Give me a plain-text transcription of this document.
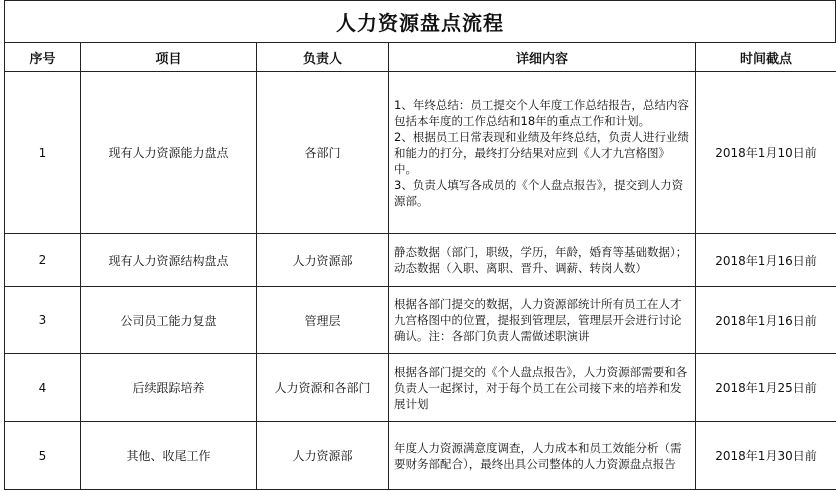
人力资源盘点流程
序号	项目	负责人	详细内容	时间截点
1	现有人力资源能力盘点	各部门	1、年终总结：员工提交个人年度工作总结报告，总结内容包括本年度的工作总结和18年的重点工作和计划。
2、根据员工日常表现和业绩及年终总结，负责人进行业绩和能力的打分，最终打分结果对应到《人才九宫格图》中。
3、负责人填写各成员的《个人盘点报告》，提交到人力资源部。	2018年1月10日前
2	现有人力资源结构盘点	人力资源部	静态数据（部门，职级，学历，年龄，婚育等基础数据）；动态数据（入职、离职、晋升、调薪、转岗人数）	2018年1月16日前
3	公司员工能力复盘	管理层	根据各部门提交的数据，人力资源部统计所有员工在人才九宫格图中的位置，提报到管理层，管理层开会进行讨论确认。注：各部门负责人需做述职演讲	2018年1月16日前
4	后续跟踪培养	人力资源和各部门	根据各部门提交的《个人盘点报告》，人力资源部需要和各负责人一起探讨，对于每个员工在公司接下来的培养和发展计划	2018年1月25日前
5	其他、收尾工作	人力资源部	年度人力资源满意度调查，人力成本和员工效能分析（需要财务部配合），最终出具公司整体的人力资源盘点报告	2018年1月30日前
